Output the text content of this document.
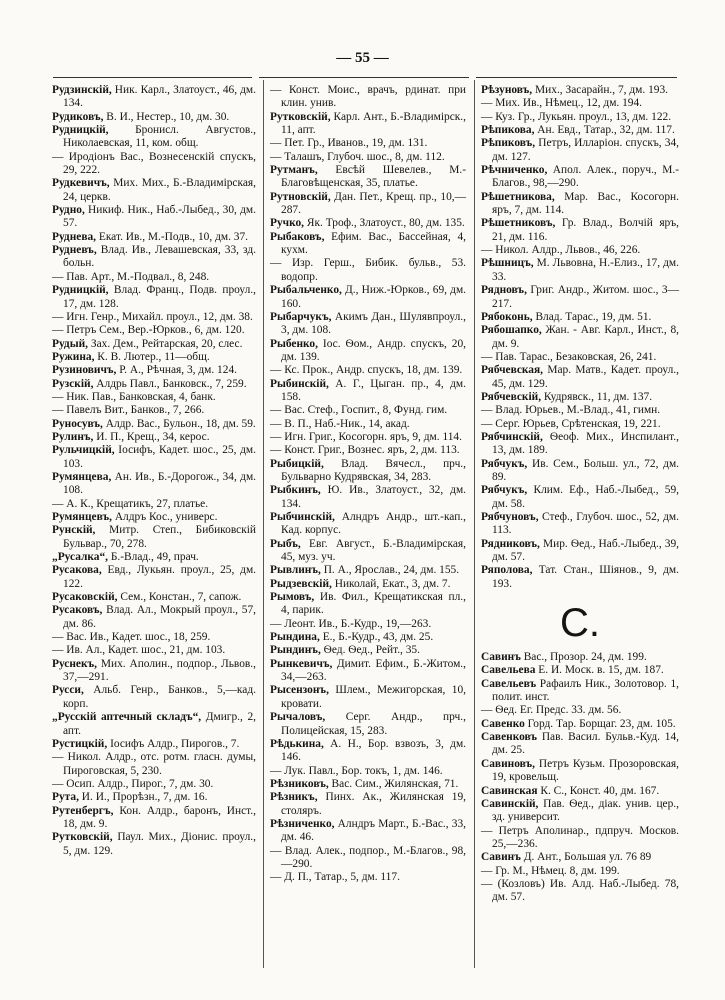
— 55 —

Рудзинскій, Ник. Карл., Златоуст., 46, дм. 134.

Рудиковъ, В. И., Нестер., 10, дм. 30.

Рудницкій, Бронисл. Августов., Николаевская, 11, ком. общ.

— Иродіонъ Вас., Вознесенскій спускъ, 29, 222.

Рудкевичъ, Мих. Мих., Б.-Владимірская, 24, церкв.

Рудно, Никиф. Ник., Наб.-Лыбед., 30, дм. 57.

Руднева, Екат. Ив., М.-Подв., 10, дм. 37.

Рудневъ, Влад. Ив., Левашевская, 33, зд. больн.

— Пав. Арт., М.-Подвал., 8, 248.

Рудницкій, Влад. Франц., Подв. проул., 17, дм. 128.

— Игн. Генр., Михайл. проул., 12, дм. 38.

— Петръ Сем., Вер.-Юрков., 6, дм. 120.

Рудый, Зах. Дем., Рейтарская, 20, слес.

Ружина, К. В. Лютер., 11—общ.

Рузиновичъ, Р. А., Рѣчная, 3, дм. 124.

Рузскій, Алдрь Павл., Банковск., 7, 259.

— Ник. Пав., Банковская, 4, банк.

— Павелъ Вит., Банков., 7, 266.

Руносувъ, Алдр. Вас., Бульон., 18, дм. 59.

Рулинъ, И. П., Крещ., 34, керос.

Рульчицкій, Іосифъ, Кадет. шос., 25, дм. 103.

Румянцева, Ан. Ив., Б.-Дорогож., 34, дм. 108.

— А. К., Крещатикъ, 27, платье.

Румянцевъ, Алдръ Кос., универс.

Рунскій, Митр. Степ., Бибиковскій Бульвар., 70, 278.

„Русалка“, Б.-Влад., 49, прач.

Русакова, Евд., Лукьян. проул., 25, дм. 122.

Русаковскій, Сем., Констан., 7, сапож.

Русаковъ, Влад. Ал., Мокрый проул., 57, дм. 86.

— Вас. Ив., Кадет. шос., 18, 259.

— Ив. Ал., Кадет. шос., 21, дм. 103.

Руснекъ, Мих. Аполин., подпор., Львов., 37,—291.

Русси, Альб. Генр., Банков., 5,—кад. корп.

„Русскій аптечный складъ“, Дмигр., 2, апт.

Рустицкій, Іосифъ Алдр., Пирогов., 7.

— Никол. Алдр., отс. ротм. гласн. думы, Пироговская, 5, 230.

— Осип. Алдр., Пирог., 7, дм. 30.

Рута, И. И., Прорѣзн., 7, дм. 16.

Рутенбергъ, Кон. Алдр., баронъ, Инст., 18, дм. 9.

Рутковскій, Паул. Мих., Діонис. проул., 5, дм. 129.

— Конст. Моис., врачъ, рдинат. при клин. унив.

Рутковскій, Карл. Ант., Б.-Владимірск., 11, апт.

— Пет. Гр., Иванов., 19, дм. 131.

— Талашъ, Глубоч. шос., 8, дм. 112.

Рутманъ, Евсѣй Шевелев., М.-Благовѣщенская, 35, платье.

Рутновскій, Дан. Пет., Крещ. пр., 10,—287.

Ручко, Як. Троф., Златоуст., 80, дм. 135.

Рыбаковъ, Ефим. Вас., Бассейная, 4, кухм.

— Изр. Герш., Бибик. бульв., 53. водопр.

Рыбальченко, Д., Ниж.-Юрков., 69, дм. 160.

Рыбарчукъ, Акимъ Дан., Шулявпроул., 3, дм. 108.

Рыбенко, Іос. Ѳом., Андр. спускъ, 20, дм. 139.

— Кс. Прок., Андр. спускъ, 18, дм. 139.

Рыбинскій, А. Г., Цыган. пр., 4, дм. 158.

— Вас. Стеф., Госпит., 8, Фунд. гим.

— В. П., Наб.-Ник., 14, акад.

— Игн. Григ., Косогорн. яръ, 9, дм. 114.

— Конст. Григ., Вознес. яръ, 2, дм. 113.

Рыбицкій, Влад. Вячесл., прч., Бульварно Кудрявская, 34, 283.

Рыбкинъ, Ю. Ив., Златоуст., 32, дм. 134.

Рыбчинскій, Алндръ Андр., шт.-кап., Кад. корпус.

Рыбъ, Евг. Август., Б.-Владимірская, 45, муз. уч.

Рывлинъ, П. А., Ярослав., 24, дм. 155.

Рыдзевскій, Николай, Екат., 3, дм. 7.

Рымовъ, Ив. Фил., Крещатикская пл., 4, парик.

— Леонт. Ив., Б.-Кудр., 19,—263.

Рындина, Е., Б.-Кудр., 43, дм. 25.

Рындинъ, Ѳед. Ѳед., Рейт., 35.

Рынкевичъ, Димит. Ефим., Б.-Житом., 34,—263.

Рысензонъ, Шлем., Межигорская, 10, кровати.

Рычаловъ, Серг. Андр., прч., Полицейская, 15, 283.

Рѣдькина, А. Н., Бор. взвозъ, 3, дм. 146.

— Лук. Павл., Бор. токъ, 1, дм. 146.

Рѣзниковъ, Вас. Сим., Жилянская, 71.

Рѣзникъ, Пинх. Ак., Жилянская 19, столяръ.

Рѣзниченко, Алндръ Март., Б.-Вас., 33, дм. 46.

— Влад. Алек., подпор., М.-Благов., 98,—290.

— Д. П., Татар., 5, дм. 117.

Рѣзуновъ, Мих., Засарайн., 7, дм. 193.

— Мих. Ив., Нѣмец., 12, дм. 194.

— Куз. Гр., Лукьян. проул., 13, дм. 122.

Рѣпикова, Ан. Евд., Татар., 32, дм. 117.

Рѣпиковъ, Петръ, Илларіон. спускъ, 34, дм. 127.

Рѣчниченко, Апол. Алек., поруч., М.-Благов., 98,—290.

Рѣшетникова, Мар. Вас., Косогорн. яръ, 7, дм. 114.

Рѣшетниковъ, Гр. Влад., Волчій яръ, 21, дм. 116.

— Никол. Алдр., Львов., 46, 226.

Рѣшницъ, М. Львовна, Н.-Елиз., 17, дм. 33.

Рядновъ, Григ. Андр., Житом. шос., 3—217.

Рябоконь, Влад. Тарас., 19, дм. 51.

Рябошапко, Жан. - Авг. Карл., Инст., 8, дм. 9.

— Пав. Тарас., Безаковская, 26, 241.

Рябчевская, Мар. Матв., Кадет. проул., 45, дм. 129.

Рябчевскій, Кудрявск., 11, дм. 137.

— Влад. Юрьев., М.-Влад., 41, гимн.

— Серг. Юрьев, Срѣтенская, 19, 221.

Рябчинскій, Ѳеоф. Мих., Инспилант., 13, дм. 189.

Рябчукъ, Ив. Сем., Больш. ул., 72, дм. 89.

Рябчукъ, Клим. Еф., Наб.-Лыбед., 59, дм. 58.

Рябчуновъ, Стеф., Глубоч. шос., 52, дм. 113.

Рядниковъ, Мир. Ѳед., Наб.-Лыбед., 39, дм. 57.

Ряполова, Тат. Стан., Шіянов., 9, дм. 193.

С.

Савинъ Вас., Прозор. 24, дм. 199.

Савельева Е. И. Моск. в. 15, дм. 187.

Савельевъ Рафаилъ Ник., Золотовор. 1, полит. инст.

— Ѳед. Ег. Предс. 33. дм. 56.

Савенко Горд. Тар. Борщаг. 23, дм. 105.

Савенковъ Пав. Васил. Бульв.-Куд. 14, дм. 25.

Савиновъ, Петръ Кузьм. Прозоровская, 19, кровельщ.

Савинская К. С., Конст. 40, дм. 167.

Савинскій, Пав. Ѳед., діак. унив. цер., зд. университ.

— Петръ Аполинар., пдпруч. Москов. 25,—236.

Савинъ Д. Ант., Большая ул. 76 89

— Гр. М., Нѣмец. 8, дм. 199.

— (Козловъ) Ив. Алд. Наб.-Лыбед. 78, дм. 57.
